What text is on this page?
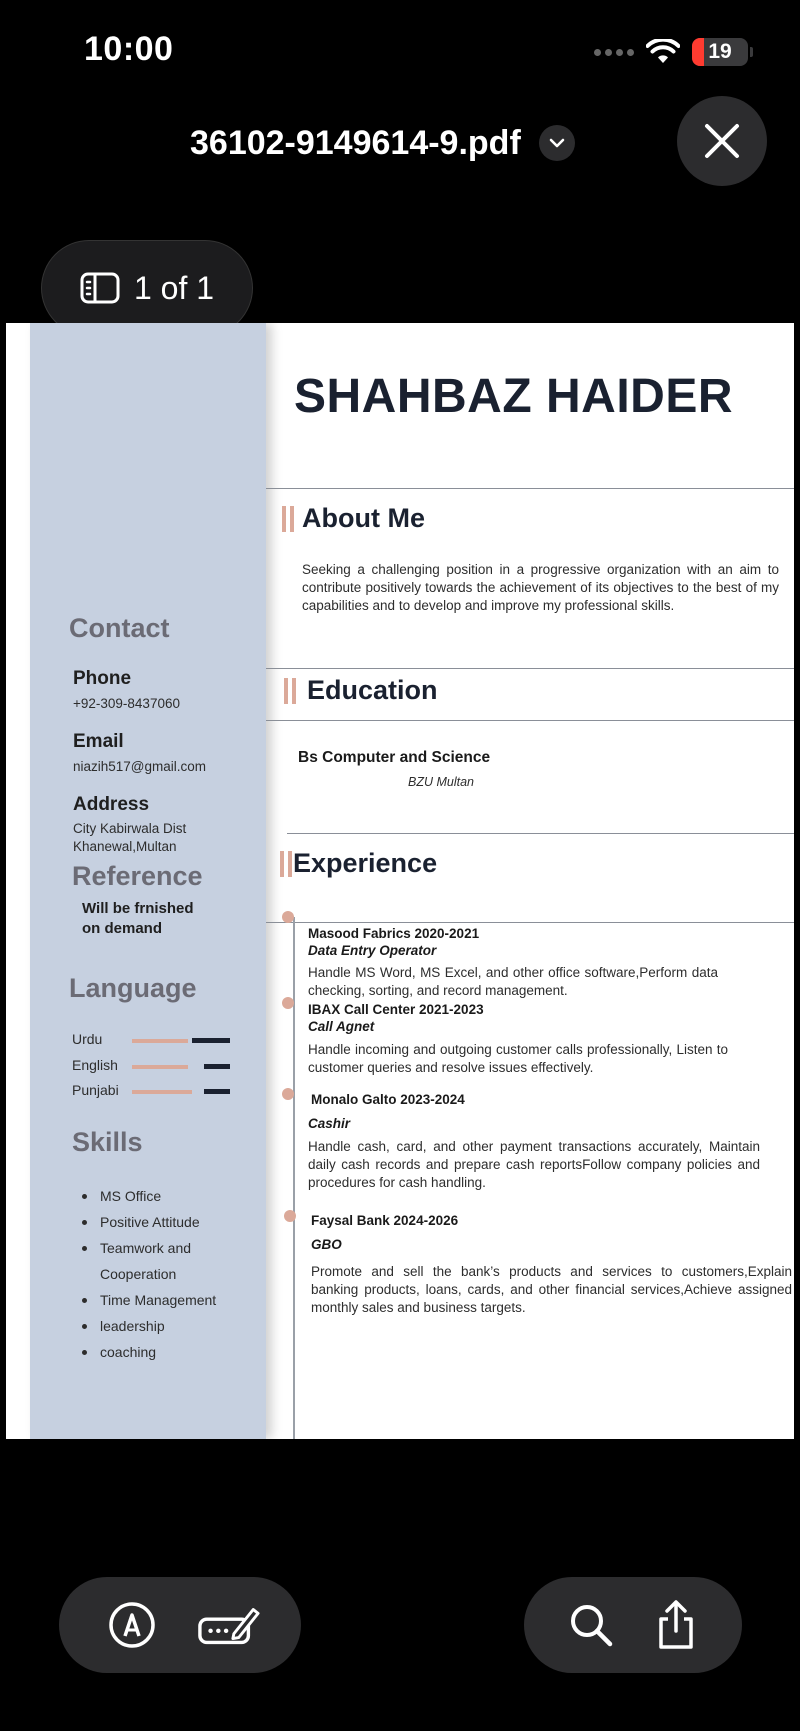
10:00	19
36102-9149614-9.pdf
1 of 1
Contact
Phone
+92-309-8437060
Email
niazih517@gmail.com
Address
City Kabirwala Dist
Khanewal,Multan
Reference
Will be frnished
on demand
Language
Urdu
English
Punjabi
Skills
MS Office
Positive Attitude
Teamwork and
Cooperation
Time Management
leadership
coaching
SHAHBAZ HAIDER
About Me
Seeking a challenging position in a progressive organization with an aim to contribute positively towards the achievement of its objectives to the best of my capabilities and to develop and improve my professional skills.
Education
Bs Computer and Science
BZU Multan
Experience
Masood Fabrics 2020-2021
Data Entry Operator
Handle MS Word, MS Excel, and other office software,Perform data checking, sorting, and record management.
IBAX Call Center 2021-2023
Call Agnet
Handle incoming and outgoing customer calls professionally, Listen to customer queries and resolve issues effectively.
Monalo Galto 2023-2024
Cashir
Handle cash, card, and other payment transactions accurately, Maintain daily cash records and prepare cash reportsFollow company policies and procedures for cash handling.
Faysal Bank 2024-2026
GBO
Promote and sell the bank’s products and services to customers,Explain banking products, loans, cards, and other financial services,Achieve assigned monthly sales and business targets.
